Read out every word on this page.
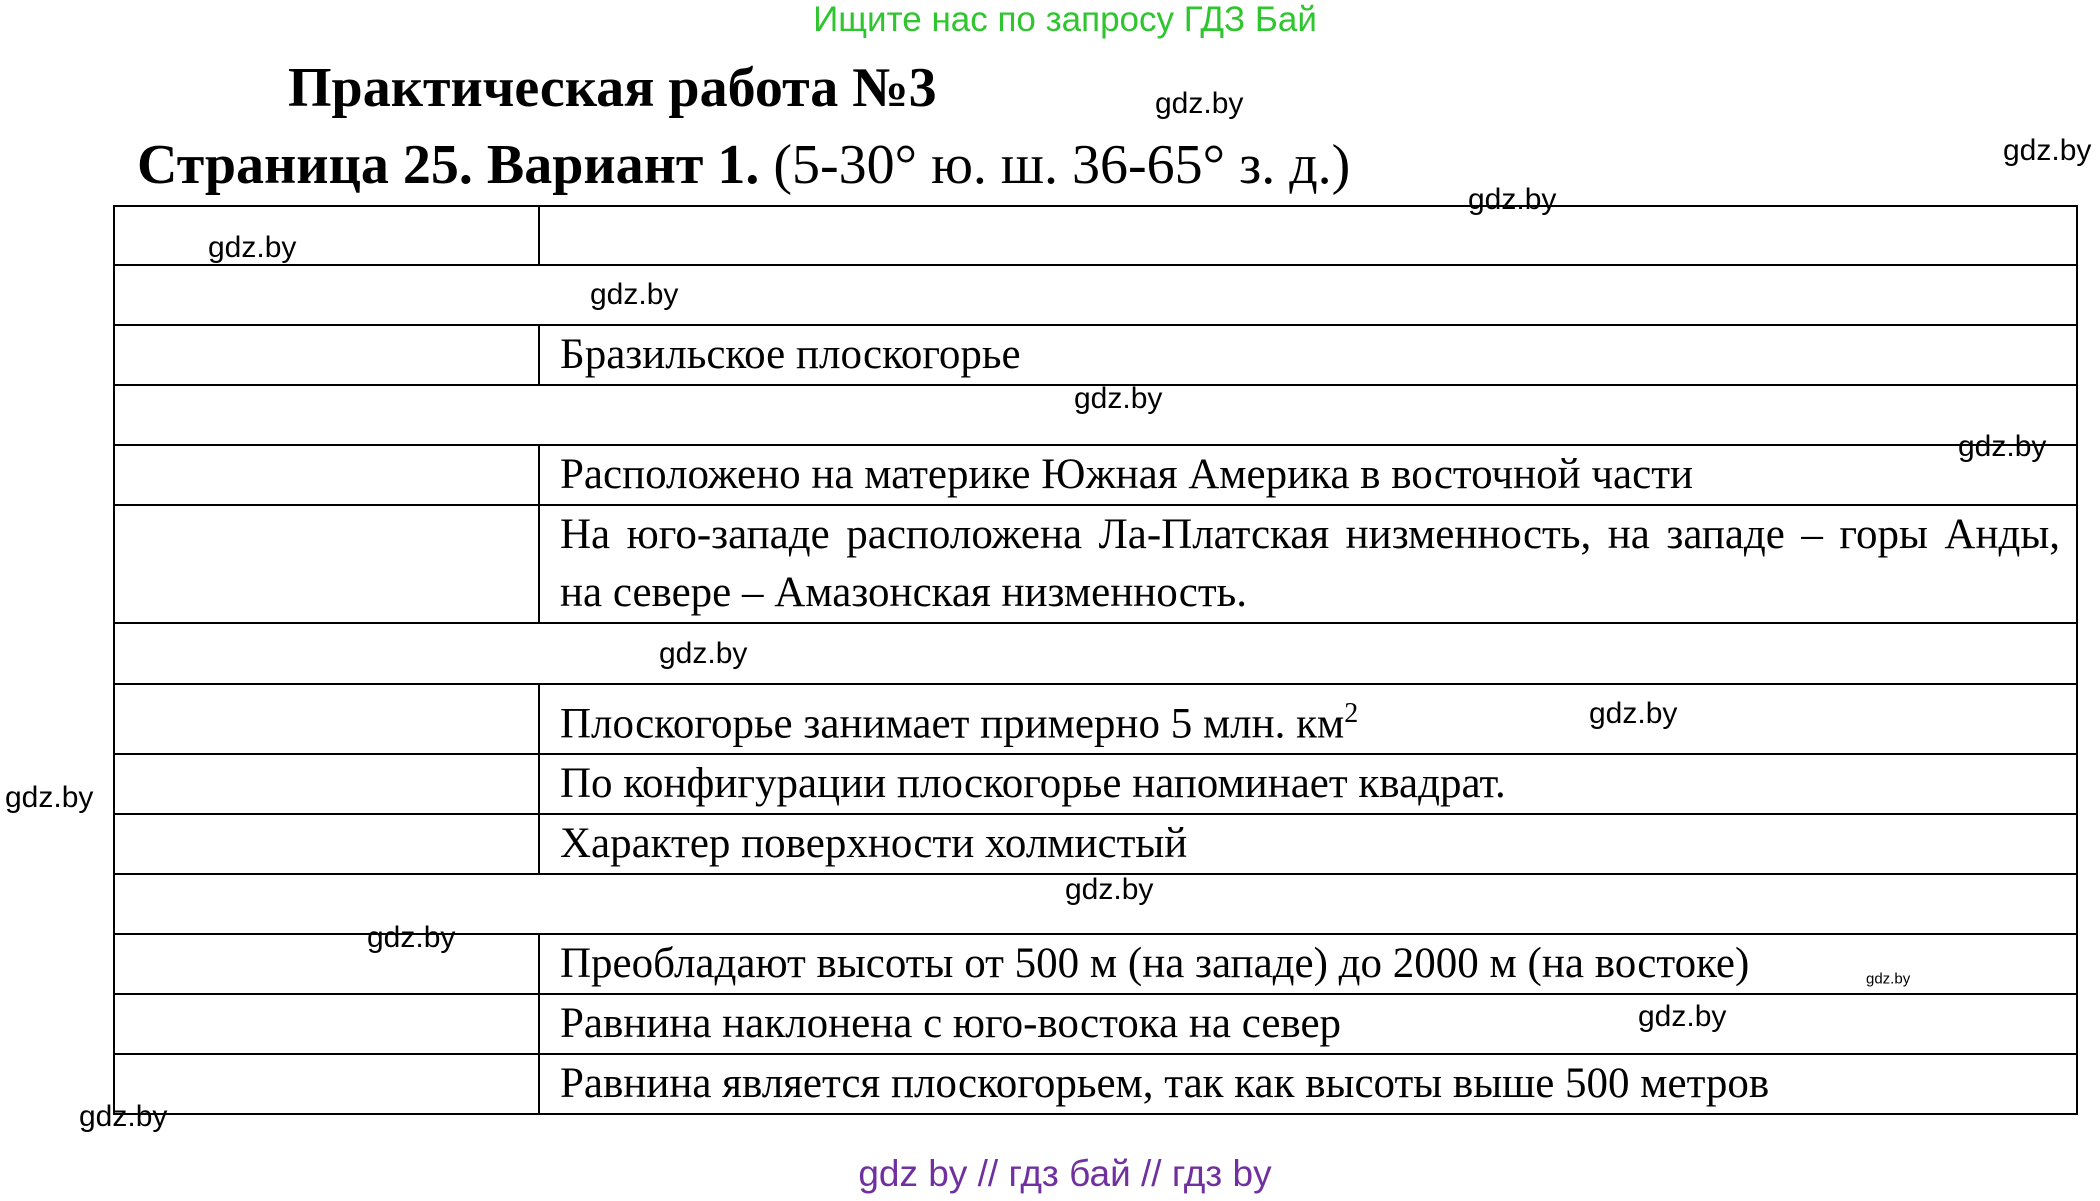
Ищите нас по запросу ГДЗ Бай
Практическая работа №3
Страница 25. Вариант 1. (5-30° ю. ш. 36-65° з. д.)

	Бразильское плоскогорье

	Расположено на материке Южная Америка в восточной части
	На юго-западе расположена Ла-Платская низменность, на западе – горы Анды, на севере – Амазонская низменность.

	Плоскогорье занимает примерно 5 млн. $км^2$
	По конфигурации плоскогорье напоминает квадрат.
	Характер поверхности холмистый

	Преобладают высоты от 500 м (на западе) до 2000 м (на востоке)
	Равнина наклонена с юго-востока на север
	Равнина является плоскогорьем, так как высоты выше 500 метров
gdz.by
gdz.by
gdz.by
gdz.by
gdz.by
gdz.by
gdz.by
gdz.by
gdz.by
gdz.by
gdz.by
gdz.by
gdz.by
gdz.by
gdz.by
gdz by // гдз бай // гдз by
